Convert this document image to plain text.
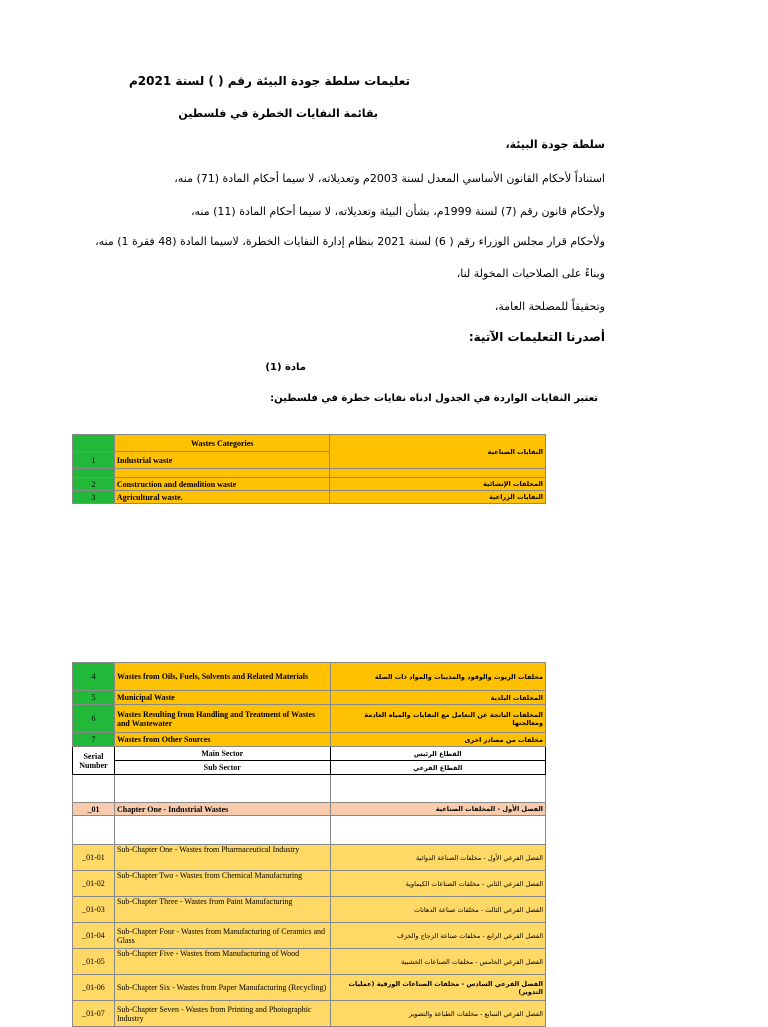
تعليمات سلطة جودة البيئة رقم ( ) لسنة 2021م
بقائمة النفايات الخطرة في فلسطين
سلطة جودة البيئة،
استناداً لأحكام القانون الأساسي المعدل لسنة 2003م وتعديلاته، لا سيما أحكام المادة (71) منه،
ولأحكام قانون رقم (7) لسنة 1999م، بشأن البيئة وتعديلاته، لا سيما أحكام المادة (11) منه،
ولأحكام قرار مجلس الوزراء رقم ( 6) لسنة 2021 بنظام إدارة النفايات الخطرة، لاسيما المادة (48 فقرة 1) منه،
وبناءً على الصلاحيات المخولة لنا،
وتحقيقاً للمصلحة العامة،
أصدرنا التعليمات الآتية:
مادة (1)
تعتبر النفايات الواردة في الجدول ادناه نفايات خطرة في فلسطين:
	Wastes Categories	النفايات الصناعية

1	Industrial waste	

2	Construction and demolition waste	المخلفات الإنشائية
3	Agricultural waste.	النفايات الزراعية
4	Wastes from Oils, Fuels, Solvents and Related Materials	مخلفات الزيوت والوقود والمذيبات والمواد ذات الصلة
5	Municipal Waste	المخلفات البلدية
6	Wastes Resulting from Handling and Treatment of Wastes and Wastewater	المخلفات الناتجة عن التعامل مع النفايات والمياه العادمة ومعالجتها
7	Wastes from Other Sources	مخلفات من مصادر اخرى
Serial Number	Main Sector	القطاع الرئيس
	Sub Sector	القطاع الفرعي

_01	Chapter One - Industrial Wastes	الفصل الأول - المخلفات الصناعية

_01-01	Sub-Chapter One - Wastes from Pharmaceutical Industry	الفصل الفرعي الأول - مخلفات الصناعة الدوائية
_01-02	Sub-Chapter Two - Wastes from Chemical Manufacturing	الفصل الفرعي الثاني - مخلفات الصناعات الكيماوية
_01-03	Sub-Chapter Three - Wastes from Paint Manufacturing	الفصل الفرعي الثالث - مخلفات صناعة الدهانات
_01-04	Sub-Chapter Four - Wastes from Manufacturing of Ceramics and Glass	الفصل الفرعي الرابع - مخلفات صناعة الزجاج والخزف
_01-05	Sub-Chapter Five - Wastes from Manufacturing of Wood	الفصل الفرعي الخامس - مخلفات الصناعات الخشبية
_01-06	Sub-Chapter Six - Wastes from Paper Manufacturing (Recycling)	الفصل الفرعي السادس - مخلفات الصناعات الورقية (عمليات التدوير)
_01-07	Sub-Chapter Seven - Wastes from Printing and Photographic Industry	الفصل الفرعي السابع - مخلفات الطباعة والتصوير
